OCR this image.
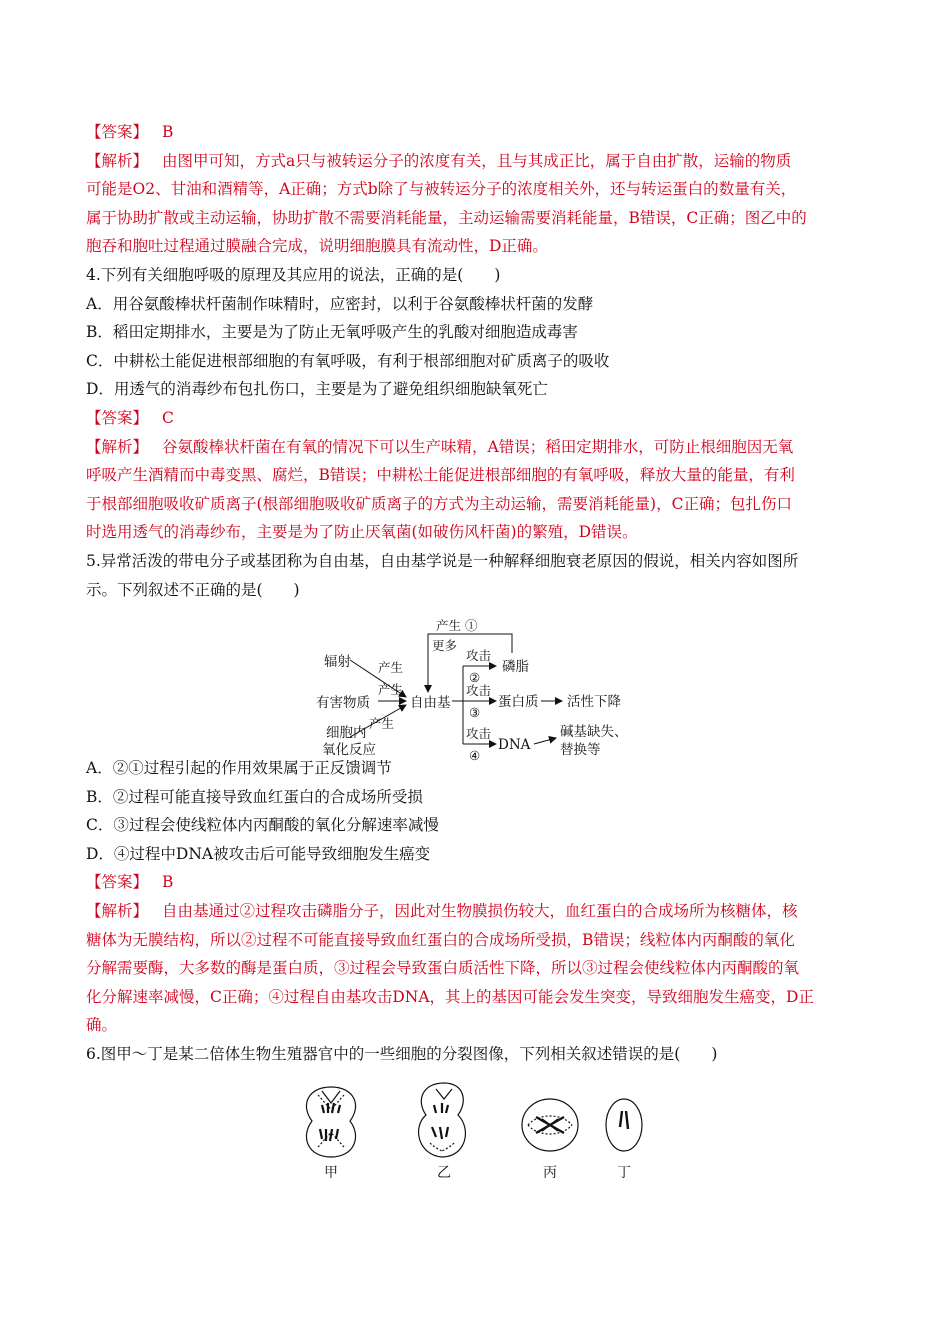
【答案】 B
【解析】 由图甲可知，方式a只与被转运分子的浓度有关，且与其成正比，属于自由扩散，运输的物质
可能是O2、甘油和酒精等，A正确；方式b除了与被转运分子的浓度相关外，还与转运蛋白的数量有关，
属于协助扩散或主动运输，协助扩散不需要消耗能量，主动运输需要消耗能量，B错误，C正确；图乙中的
胞吞和胞吐过程通过膜融合完成，说明细胞膜具有流动性，D正确。
4.下列有关细胞呼吸的原理及其应用的说法，正确的是(　　)
A．用谷氨酸棒状杆菌制作味精时，应密封，以利于谷氨酸棒状杆菌的发酵
B．稻田定期排水，主要是为了防止无氧呼吸产生的乳酸对细胞造成毒害
C．中耕松土能促进根部细胞的有氧呼吸，有利于根部细胞对矿质离子的吸收
D．用透气的消毒纱布包扎伤口，主要是为了避免组织细胞缺氧死亡
【答案】 C
【解析】 谷氨酸棒状杆菌在有氧的情况下可以生产味精，A错误；稻田定期排水，可防止根细胞因无氧
呼吸产生酒精而中毒变黑、腐烂，B错误；中耕松土能促进根部细胞的有氧呼吸，释放大量的能量，有利
于根部细胞吸收矿质离子(根部细胞吸收矿质离子的方式为主动运输，需要消耗能量)，C正确；包扎伤口
时选用透气的消毒纱布，主要是为了防止厌氧菌(如破伤风杆菌)的繁殖，D错误。
5.异常活泼的带电分子或基团称为自由基，自由基学说是一种解释细胞衰老原因的假说，相关内容如图所
示。下列叙述不正确的是(　　)
辐射
有害物质
细胞内
氧化反应
产生
产生
产生
自由基
产生 ①
更多
攻击
②
磷脂
攻击
③
蛋白质 活性下降
攻击
④
DNA
碱基缺失、
替换等
A．②①过程引起的作用效果属于正反馈调节
B．②过程可能直接导致血红蛋白的合成场所受损
C．③过程会使线粒体内丙酮酸的氧化分解速率减慢
D．④过程中DNA被攻击后可能导致细胞发生癌变
【答案】 B
【解析】 自由基通过②过程攻击磷脂分子，因此对生物膜损伤较大，血红蛋白的合成场所为核糖体，核
糖体为无膜结构，所以②过程不可能直接导致血红蛋白的合成场所受损，B错误；线粒体内丙酮酸的氧化
分解需要酶，大多数的酶是蛋白质，③过程会导致蛋白质活性下降，所以③过程会使线粒体内丙酮酸的氧
化分解速率减慢，C正确；④过程自由基攻击DNA，其上的基因可能会发生突变，导致细胞发生癌变，D正
确。
6.图甲～丁是某二倍体生物生殖器官中的一些细胞的分裂图像，下列相关叙述错误的是(　　)
甲	乙	丙	丁
